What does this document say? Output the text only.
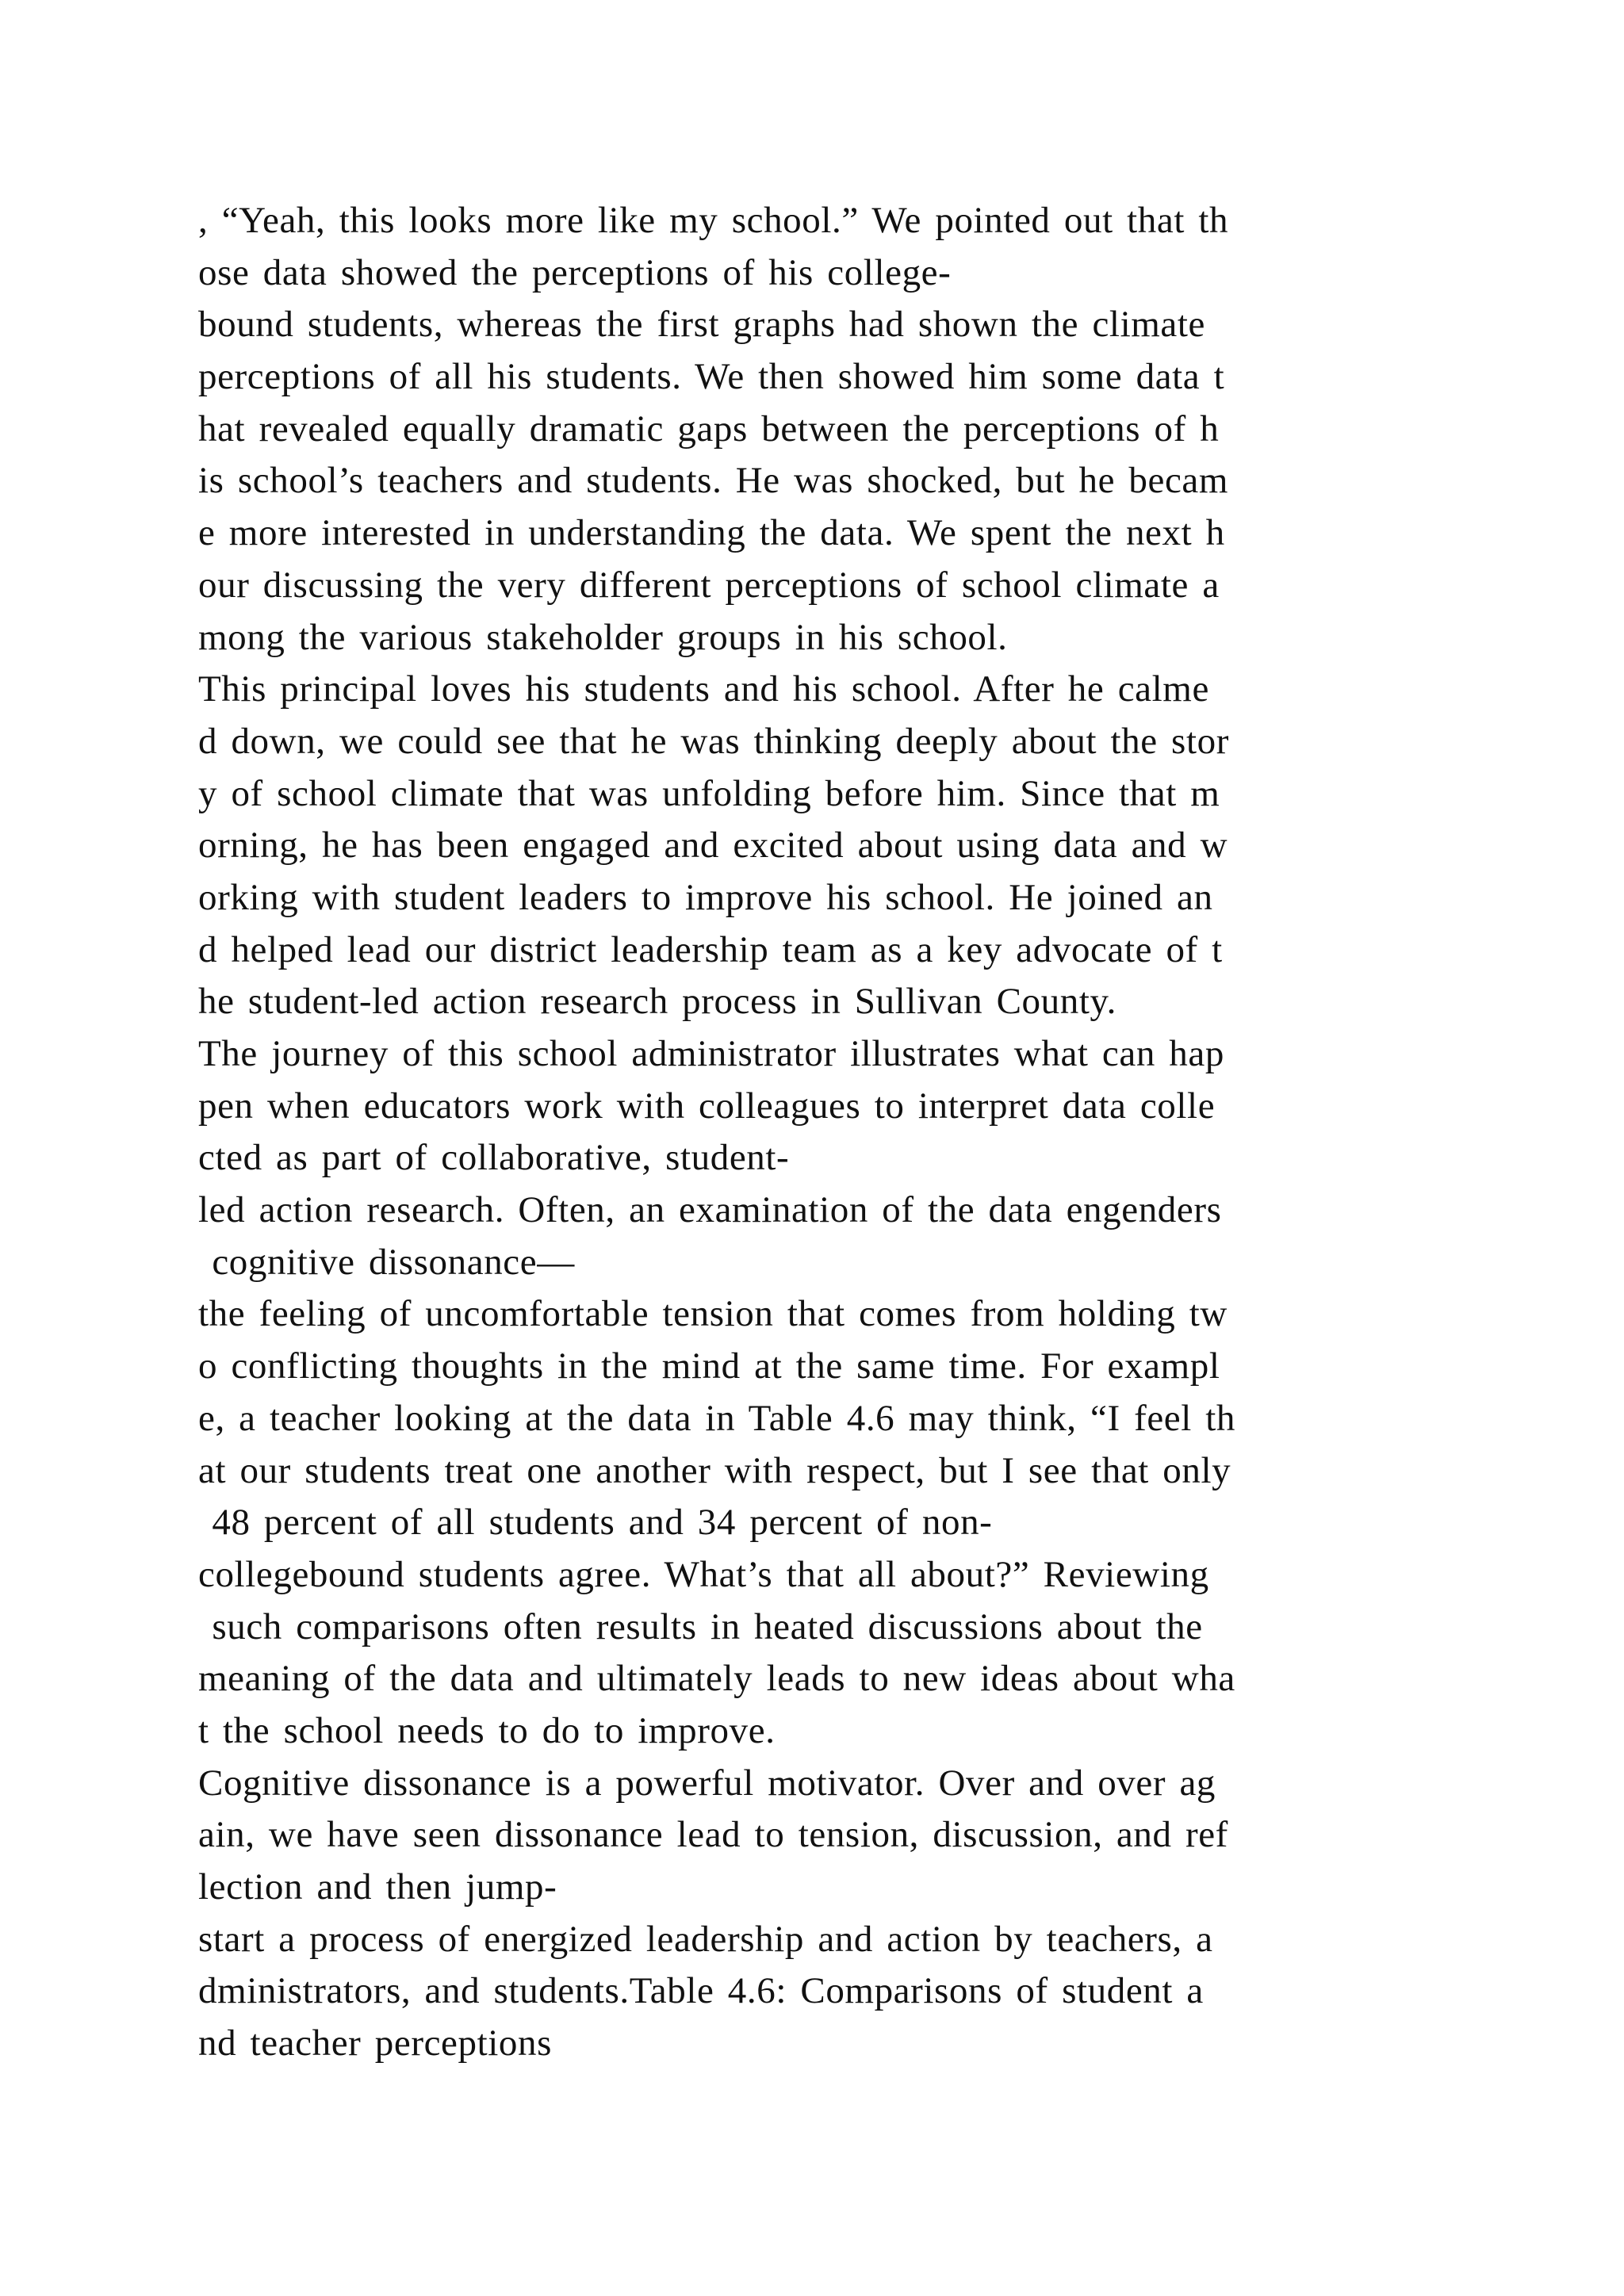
, “Yeah, this looks more like my school.” We pointed out that th
ose data showed the perceptions of his college-
bound students, whereas the first graphs had shown the climate
perceptions of all his students. We then showed him some data t
hat revealed equally dramatic gaps between the perceptions of h
is school’s teachers and students. He was shocked, but he becam
e more interested in understanding the data. We spent the next h
our discussing the very different perceptions of school climate a
mong the various stakeholder groups in his school.
This principal loves his students and his school. After he calme
d down, we could see that he was thinking deeply about the stor
y of school climate that was unfolding before him. Since that m
orning, he has been engaged and excited about using data and w
orking with student leaders to improve his school. He joined an
d helped lead our district leadership team as a key advocate of t
he student-led action research process in Sullivan County.
The journey of this school administrator illustrates what can hap
pen when educators work with colleagues to interpret data colle
cted as part of collaborative, student-
led action research. Often, an examination of the data engenders
cognitive dissonance—
the feeling of uncomfortable tension that comes from holding tw
o conflicting thoughts in the mind at the same time. For exampl
e, a teacher looking at the data in Table 4.6 may think, “I feel th
at our students treat one another with respect, but I see that only
48 percent of all students and 34 percent of non-
collegebound students agree. What’s that all about?” Reviewing
such comparisons often results in heated discussions about the
meaning of the data and ultimately leads to new ideas about wha
t the school needs to do to improve.
Cognitive dissonance is a powerful motivator. Over and over ag
ain, we have seen dissonance lead to tension, discussion, and ref
lection and then jump-
start a process of energized leadership and action by teachers, a
dministrators, and students.Table 4.6: Comparisons of student a
nd teacher perceptions
